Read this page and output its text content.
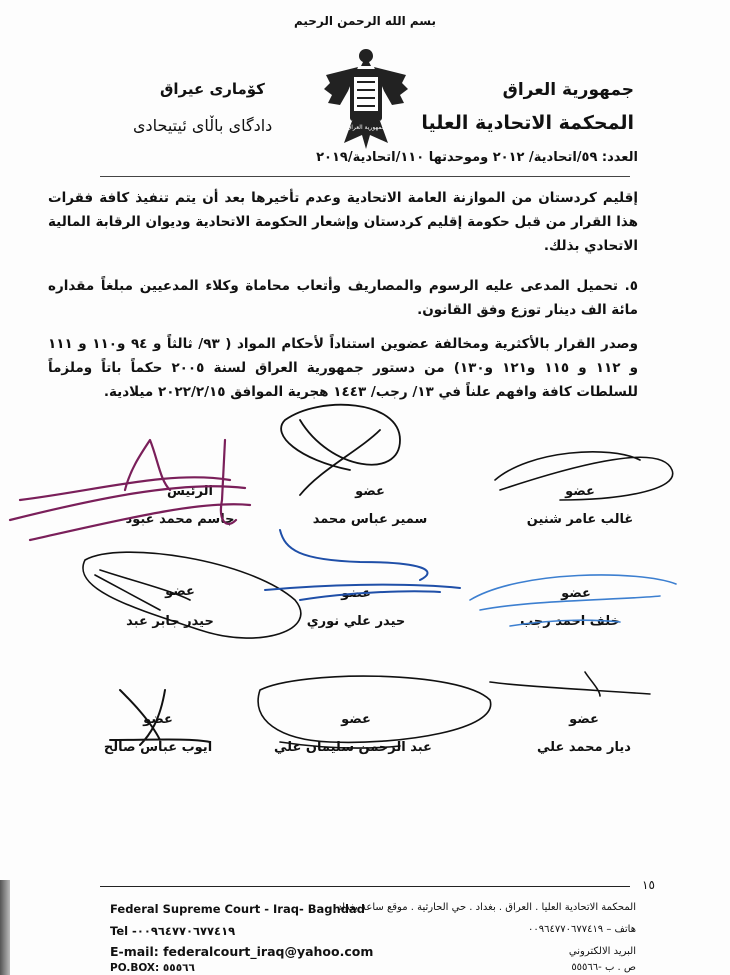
بسم الله الرحمن الرحيم
جمهورية العراق
المحكمة الاتحادية العليا
كۆمارى عيراق
دادگای باڵای ئیتیحادی	جمهورية العراق
العدد: ٥٩/اتحادية/ ٢٠١٢ وموحدتها ١١٠/اتحادية/٢٠١٩
إقليم كردستان من الموازنة العامة الاتحادية وعدم تأخيرها بعد أن يتم تنفيذ كافة فقرات هذا القرار من قبل حكومة إقليم كردستان وإشعار الحكومة الاتحادية وديوان الرقابة المالية الاتحادي بذلك.
٥. تحميل المدعى عليه الرسوم والمصاريف وأتعاب محاماة وكلاء المدعيين مبلغاً مقداره مائة الف دينار توزع وفق القانون.
وصدر القرار بالأكثرية ومخالفة عضوين استناداً لأحكام المواد ( ٩٣/ ثالثاً و ٩٤ و١١٠ و ١١١ و ١١٢ و ١١٥ و١٢١ و١٣٠) من دستور جمهورية العراق لسنة ٢٠٠٥ حكماً باتاً وملزماً للسلطات كافة وافهم علناً في ١٣/ رجب/ ١٤٤٣ هجرية الموافق ٢٠٢٢/٢/١٥ ميلادية.
الرئيس
جاسم محمد عبود
عضو
سمير عباس محمد
عضو
غالب عامر شنين
عضو
حيدر جابر عبد
عضو
حيدر علي نوري
عضو
خلف احمد رجب
عضو
ايوب عباس صالح
عضو
عبد الرحمن سليمان علي
عضو
ديار محمد علي
١٥
Federal Supreme Court - Iraq- Baghdad
Tel -٠٠٩٦٤٧٧٠٦٧٧٤١٩
E-mail: federalcourt_iraq@yahoo.com
PO.BOX: ٥٥٥٦٦
المحكمة الاتحادية العليا . العراق . بغداد . حي الحارثية . موقع ساعة بغداد
هاتف – ٠٠٩٦٤٧٧٠٦٧٧٤١٩
البريد الالكتروني
ص . ب -٥٥٥٦٦
